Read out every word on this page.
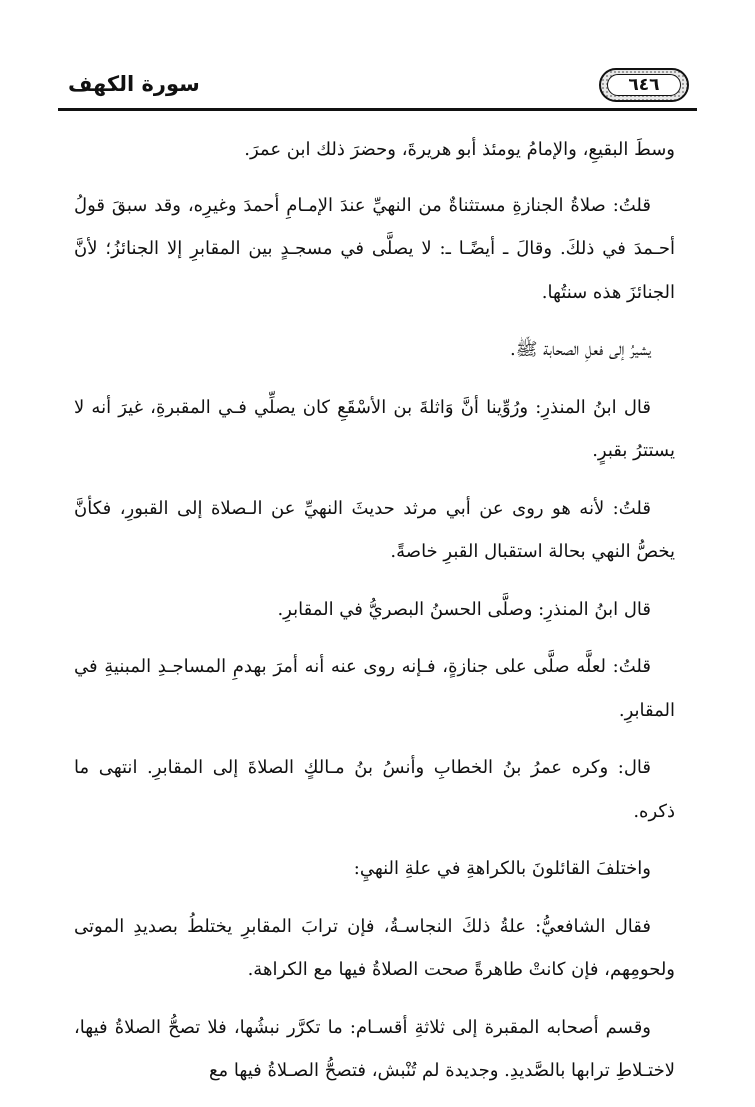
سورة الكهف	٦٤٦

وسطَ البقيعِ، والإمامُ يومئذ أبو هريرةَ، وحضرَ ذلك ابن عمرَ.

قلتُ: صلاةُ الجنازةِ مستثناةٌ من النهيِّ عندَ الإمـامِ أحمدَ وغيرِه، وقد سبقَ قولُ أحـمدَ في ذلكَ. وقالَ ـ أيضًـا ـ: لا يصلَّى في مسجـدٍ بين المقابرِ إلا الجنائزُ؛ لأنَّ الجنائزَ هذه سنتُها.

يشيرُ إلى فعلِ الصحابة ﷺ.

قال ابنُ المنذرِ: ورُوِّينا أنَّ وَاثلةَ بن الأسْقَعِ كان يصلِّي فـي المقبرةِ، غيرَ أنه لا يستترُ بقبرٍ.

قلتُ: لأنه هو روى عن أبي مرثد حديثَ النهيِّ عن الـصلاة إلى القبورِ، فكأنَّ يخصُّ النهي بحالة استقبال القبرِ خاصةً.

قال ابنُ المنذرِ: وصلَّى الحسنُ البصريُّ في المقابرِ.

قلتُ: لعلَّه صلَّى على جنازةٍ، فـإنه روى عنه أنه أمرَ بهدمِ المساجـدِ المبنيةِ في المقابرِ.

قال: وكره عمرُ بنُ الخطابِ وأنسُ بنُ مـالكٍ الصلاةَ إلى المقابرِ. انتهى ما ذكره.

واختلفَ القائلونَ بالكراهةِ في علةِ النهيِ:

فقال الشافعيُّ: علةُ ذلكَ النجاسـةُ، فإن ترابَ المقابرِ يختلطُ بصديدِ الموتى ولحومِهم، فإن كانتْ طاهرةً صحت الصلاةُ فيها مع الكراهة.

وقسم أصحابه المقبرة إلى ثلاثةِ أقسـام: ما تكرَّر نبشُها، فلا تصحُّ الصلاةُ فيها، لاختـلاطِ ترابها بالصَّديدِ. وجديدة لم تُنْبش، فتصحُّ الصـلاةُ فيها مع
